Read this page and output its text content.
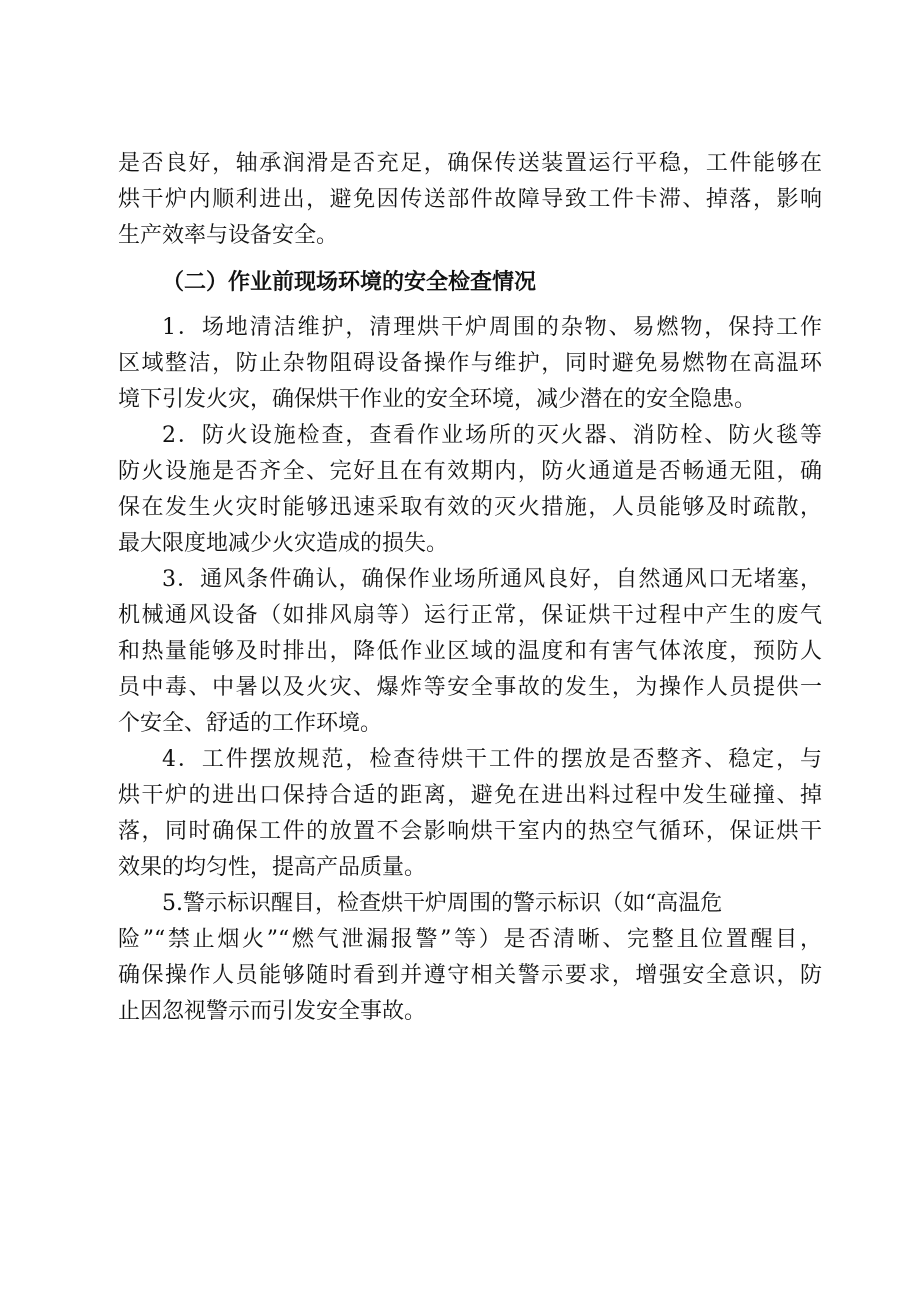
是否良好，轴承润滑是否充足，确保传送装置运行平稳，工件能够在
烘干炉内顺利进出，避免因传送部件故障导致工件卡滞、掉落，影响
生产效率与设备安全。
（二）作业前现场环境的安全检查情况
1．场地清洁维护，清理烘干炉周围的杂物、易燃物，保持工作
区域整洁，防止杂物阻碍设备操作与维护，同时避免易燃物在高温环
境下引发火灾，确保烘干作业的安全环境，减少潜在的安全隐患。
2．防火设施检查，查看作业场所的灭火器、消防栓、防火毯等
防火设施是否齐全、完好且在有效期内，防火通道是否畅通无阻，确
保在发生火灾时能够迅速采取有效的灭火措施，人员能够及时疏散，
最大限度地减少火灾造成的损失。
3．通风条件确认，确保作业场所通风良好，自然通风口无堵塞，
机械通风设备（如排风扇等）运行正常，保证烘干过程中产生的废气
和热量能够及时排出，降低作业区域的温度和有害气体浓度，预防人
员中毒、中暑以及火灾、爆炸等安全事故的发生，为操作人员提供一
个安全、舒适的工作环境。
4．工件摆放规范，检查待烘干工件的摆放是否整齐、稳定，与
烘干炉的进出口保持合适的距离，避免在进出料过程中发生碰撞、掉
落，同时确保工件的放置不会影响烘干室内的热空气循环，保证烘干
效果的均匀性，提高产品质量。
5.警示标识醒目，检查烘干炉周围的警示标识（如“高温危
险”“禁止烟火”“燃气泄漏报警”等）是否清晰、完整且位置醒目，
确保操作人员能够随时看到并遵守相关警示要求，增强安全意识，防
止因忽视警示而引发安全事故。
